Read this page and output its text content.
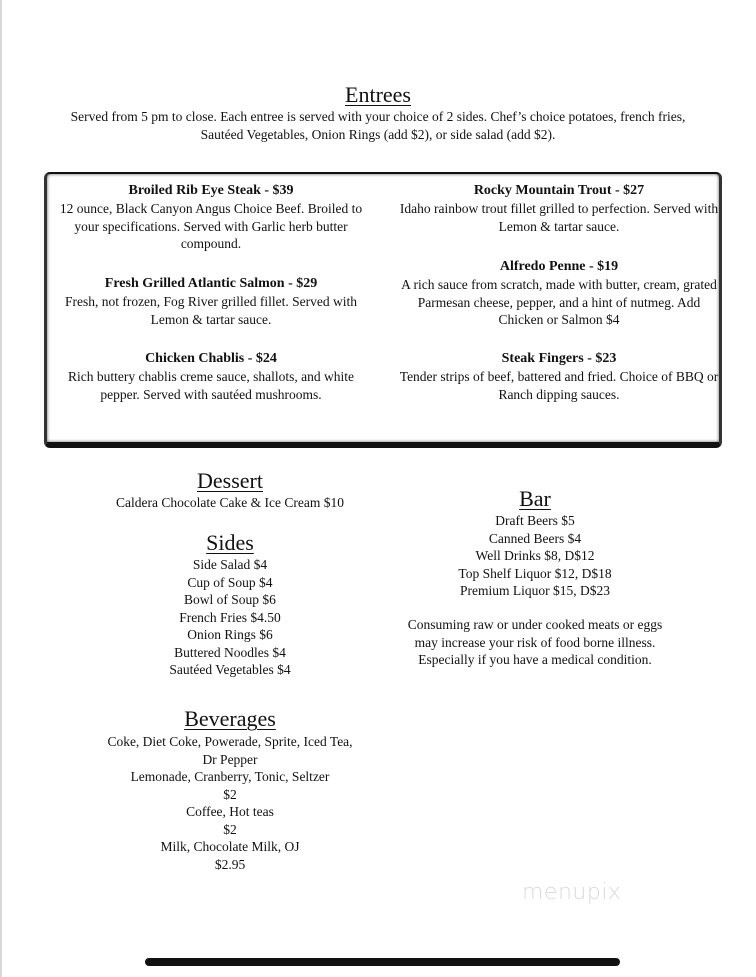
Entrees
Served from 5 pm to close. Each entree is served with your choice of 2 sides. Chef’s choice potatoes, french fries, Sautéed Vegetables, Onion Rings (add $2), or side salad (add $2).
Broiled Rib Eye Steak - $39
12 ounce, Black Canyon Angus Choice Beef. Broiled to your specifications. Served with Garlic herb butter compound.
Fresh Grilled Atlantic Salmon - $29
Fresh, not frozen, Fog River grilled fillet. Served with Lemon & tartar sauce.
Chicken Chablis - $24
Rich buttery chablis creme sauce, shallots, and white pepper. Served with sautéed mushrooms.
Rocky Mountain Trout - $27
Idaho rainbow trout fillet grilled to perfection. Served with Lemon & tartar sauce.
Alfredo Penne - $19
A rich sauce from scratch, made with butter, cream, grated Parmesan cheese, pepper, and a hint of nutmeg. Add Chicken or Salmon $4
Steak Fingers - $23
Tender strips of beef, battered and fried. Choice of BBQ or Ranch dipping sauces.
Dessert
Caldera Chocolate Cake & Ice Cream $10
Sides
Side Salad $4
Cup of Soup $4
Bowl of Soup $6
French Fries $4.50
Onion Rings $6
Buttered Noodles $4
Sautéed Vegetables $4
Beverages
Coke, Diet Coke, Powerade, Sprite, Iced Tea,
Dr Pepper
Lemonade, Cranberry, Tonic, Seltzer
$2
Coffee, Hot teas
$2
Milk, Chocolate Milk, OJ
$2.95
Bar
Draft Beers $5
Canned Beers $4
Well Drinks $8, D$12
Top Shelf Liquor $12, D$18
Premium Liquor $15, D$23
Consuming raw or under cooked meats or eggs may increase your risk of food borne illness. Especially if you have a medical condition.
menupix
